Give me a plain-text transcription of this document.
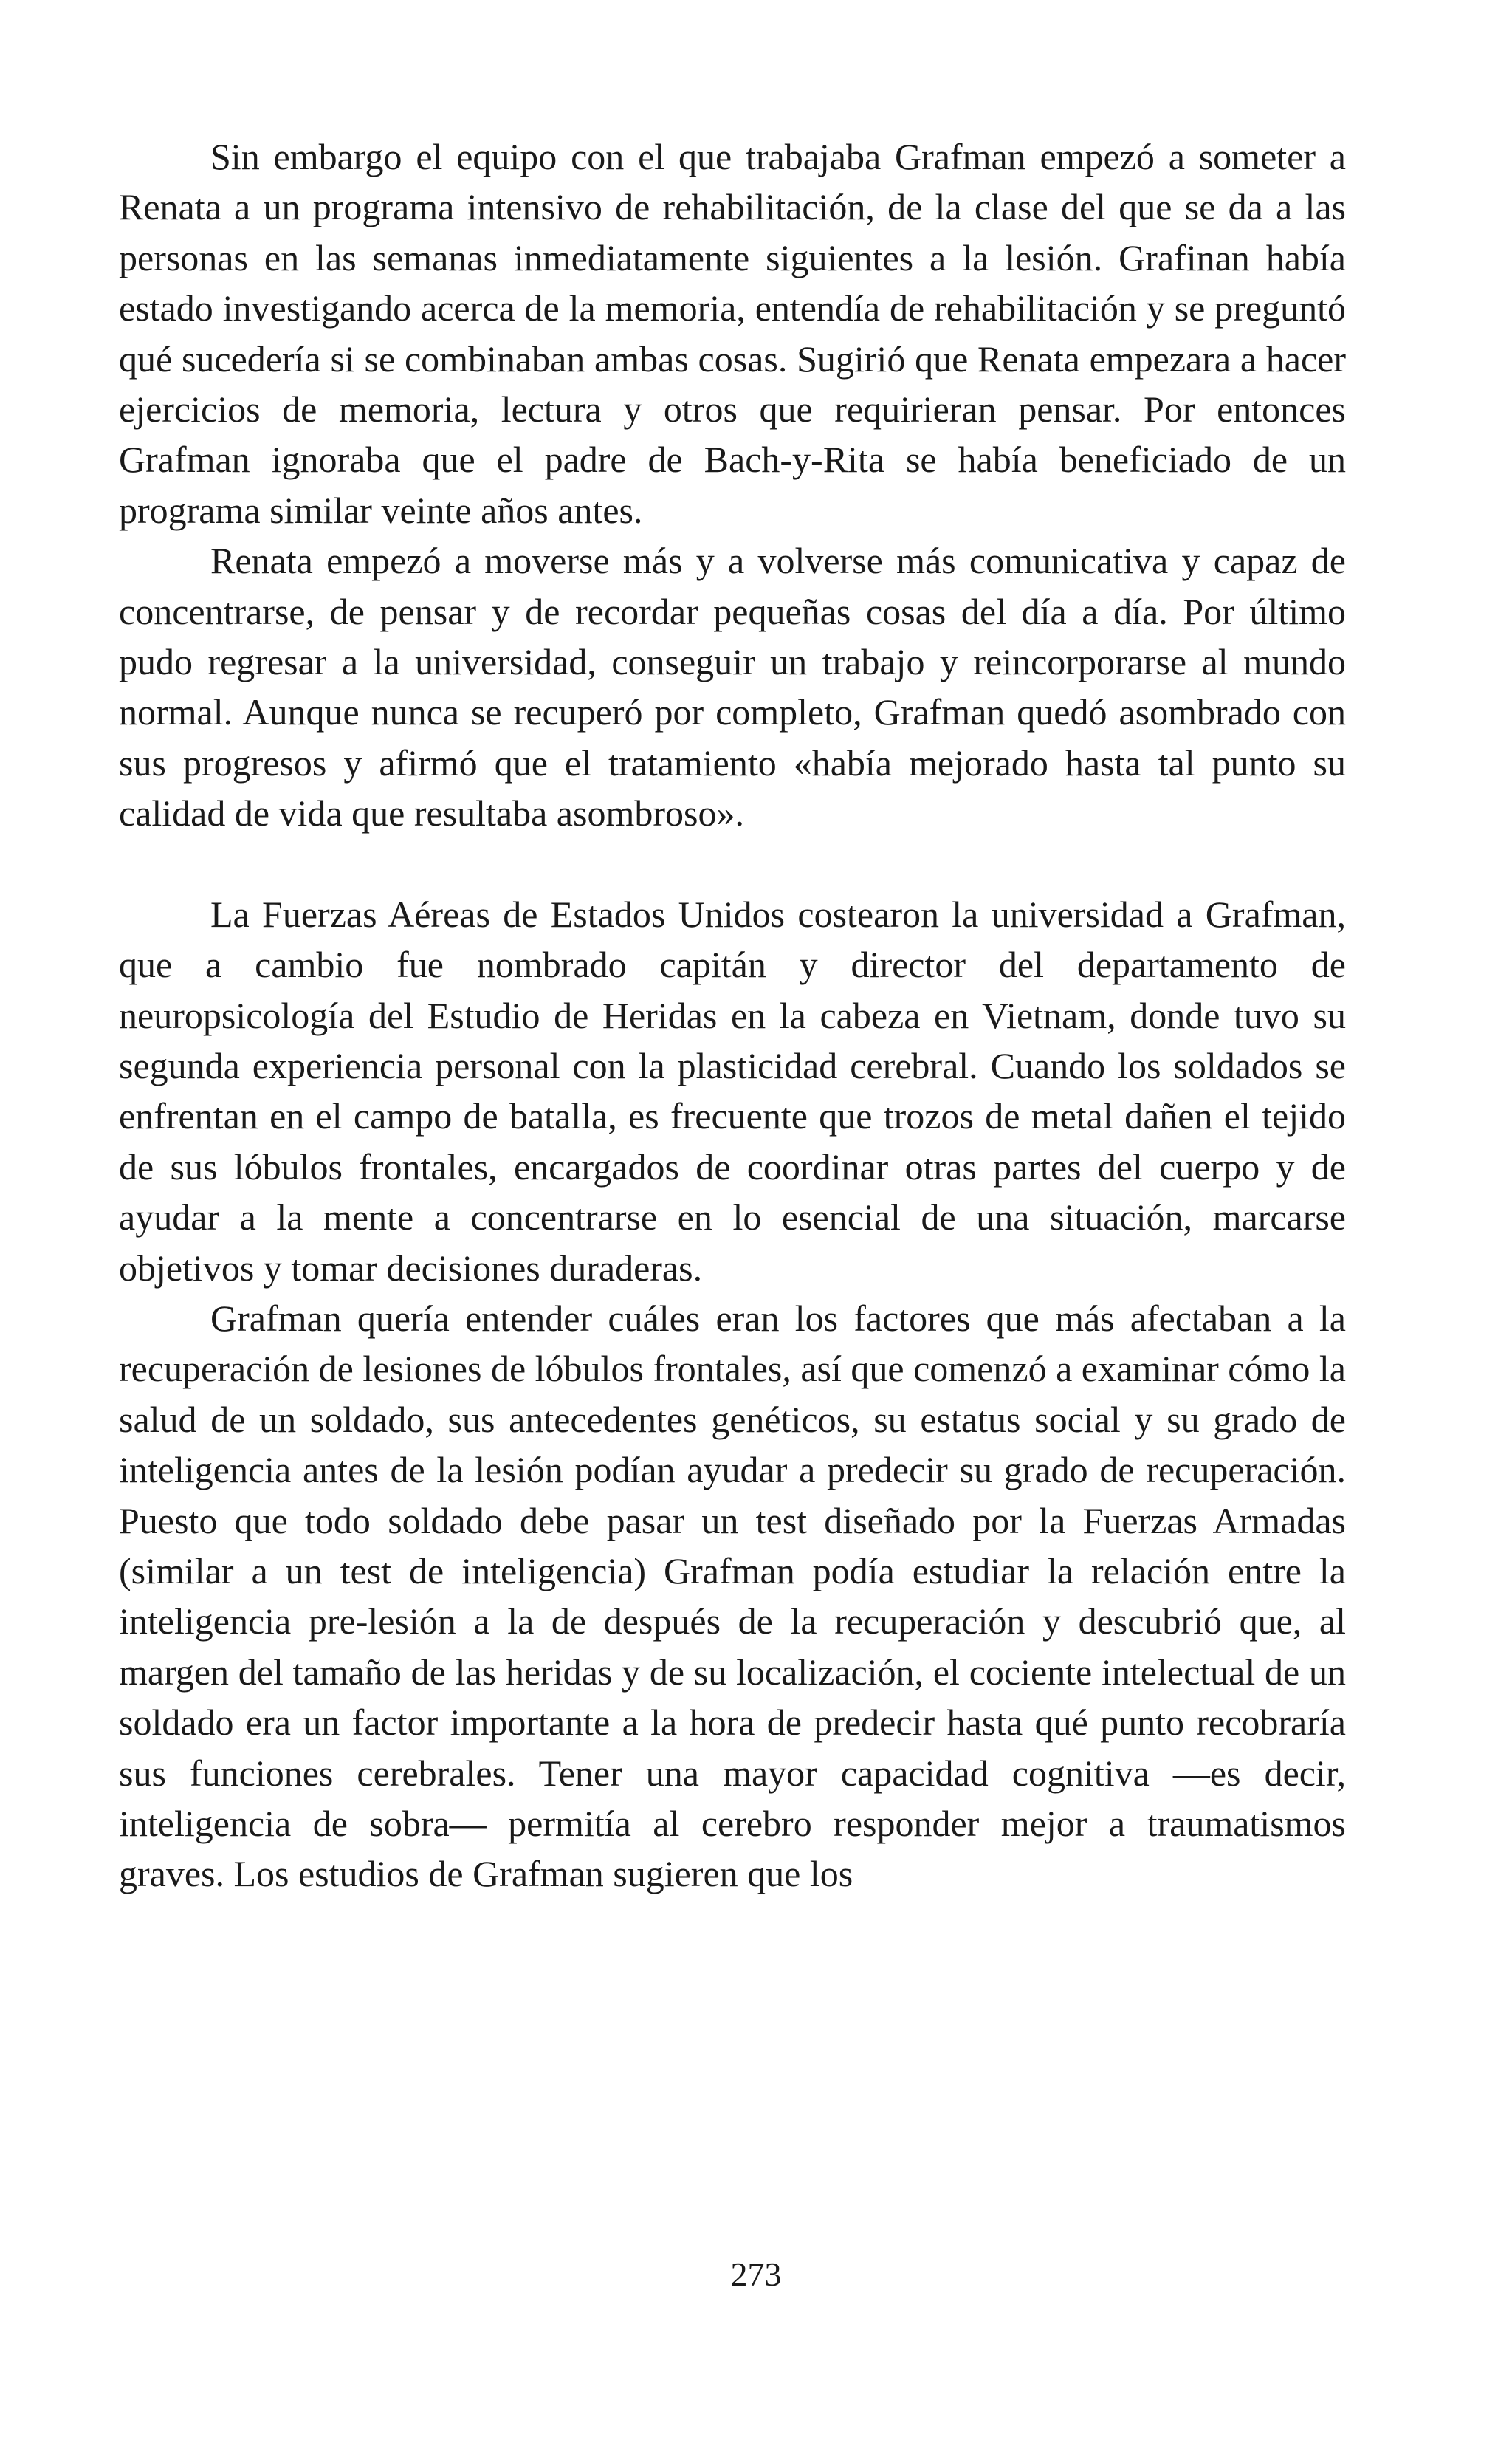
Sin embargo el equipo con el que trabajaba Grafman empezó a someter a Renata a un programa intensivo de rehabilitación, de la clase del que se da a las personas en las semanas inmediatamente siguientes a la lesión. Grafinan había estado investigando acerca de la memoria, entendía de rehabilitación y se preguntó qué sucedería si se combinaban ambas cosas. Sugirió que Renata empezara a hacer ejercicios de memoria, lectura y otros que requirieran pensar. Por entonces Grafman ignoraba que el padre de Bach-y-Rita se había beneficiado de un programa similar veinte años antes.

Renata empezó a moverse más y a volverse más comunicativa y capaz de concentrarse, de pensar y de recordar pequeñas cosas del día a día. Por último pudo regresar a la universidad, conseguir un trabajo y reincorporarse al mundo normal. Aunque nunca se recuperó por completo, Grafman quedó asombrado con sus progresos y afirmó que el tratamiento «había mejorado hasta tal punto su calidad de vida que resultaba asombroso».

La Fuerzas Aéreas de Estados Unidos costearon la universidad a Grafman, que a cambio fue nombrado capitán y director del departamento de neuropsicología del Estudio de Heridas en la cabeza en Vietnam, donde tuvo su segunda experiencia personal con la plasticidad cerebral. Cuando los soldados se enfrentan en el campo de batalla, es frecuente que trozos de metal dañen el tejido de sus lóbulos frontales, encargados de coordinar otras partes del cuerpo y de ayudar a la mente a concentrarse en lo esencial de una situación, marcarse objetivos y tomar decisiones duraderas.

Grafman quería entender cuáles eran los factores que más afectaban a la recuperación de lesiones de lóbulos frontales, así que comenzó a examinar cómo la salud de un soldado, sus antecedentes genéticos, su estatus social y su grado de inteligencia antes de la lesión podían ayudar a predecir su grado de recuperación. Puesto que todo soldado debe pasar un test diseñado por la Fuerzas Armadas (similar a un test de inteligencia) Grafman podía estudiar la relación entre la inteligencia pre-lesión a la de después de la recuperación y descubrió que, al margen del tamaño de las heridas y de su localización, el cociente intelectual de un soldado era un factor importante a la hora de predecir hasta qué punto recobraría sus funciones cerebrales. Tener una mayor capacidad cognitiva —es decir, inteligencia de sobra— permitía al cerebro responder mejor a traumatismos graves. Los estudios de Grafman sugieren que los

273
